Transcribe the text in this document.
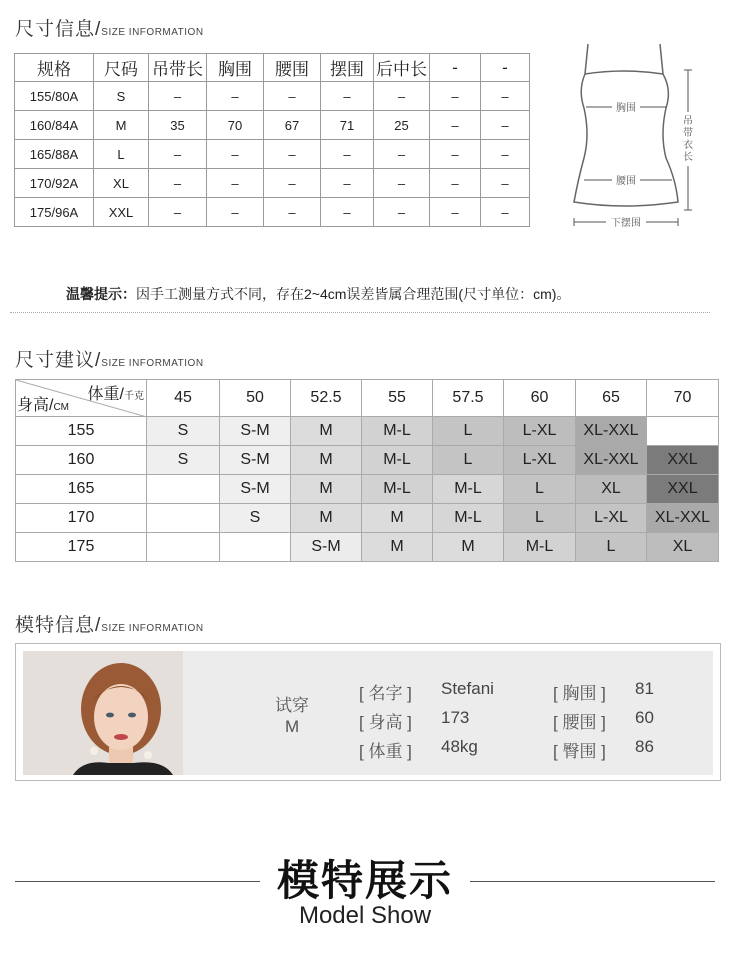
尺寸信息 / SIZE INFORMATION
规格	尺码	吊带长	胸围	腰围	摆围	后中长	-	-
155/80A	S	–	–	–	–	–	–	–
160/84A	M	35	70	67	71	25	–	–
165/88A	L	–	–	–	–	–	–	–
170/92A	XL	–	–	–	–	–	–	–
175/96A	XXL	–	–	–	–	–	–	–
胸围
腰围
下摆围
吊
带
衣
长
温馨提示：因手工测量方式不同，存在2~4cm误差皆属合理范围(尺寸单位：cm)。
尺寸建议 / SIZE INFORMATION
体重/千克
身高/CM	45	50	52.5	55	57.5	60	65	70
155	S	S-M	M	M-L	L	L-XL	XL-XXL	
160	S	S-M	M	M-L	L	L-XL	XL-XXL	XXL
165		S-M	M	M-L	M-L	L	XL	XXL
170		S	M	M	M-L	L	L-XL	XL-XXL
175			S-M	M	M	M-L	L	XL
模特信息 / SIZE INFORMATION
试穿
M
[ 名字 ] Stefani
[ 身高 ] 173
[ 体重 ] 48kg
[ 胸围 ] 81
[ 腰围 ] 60
[ 臀围 ] 86
模特展示
Model Show
